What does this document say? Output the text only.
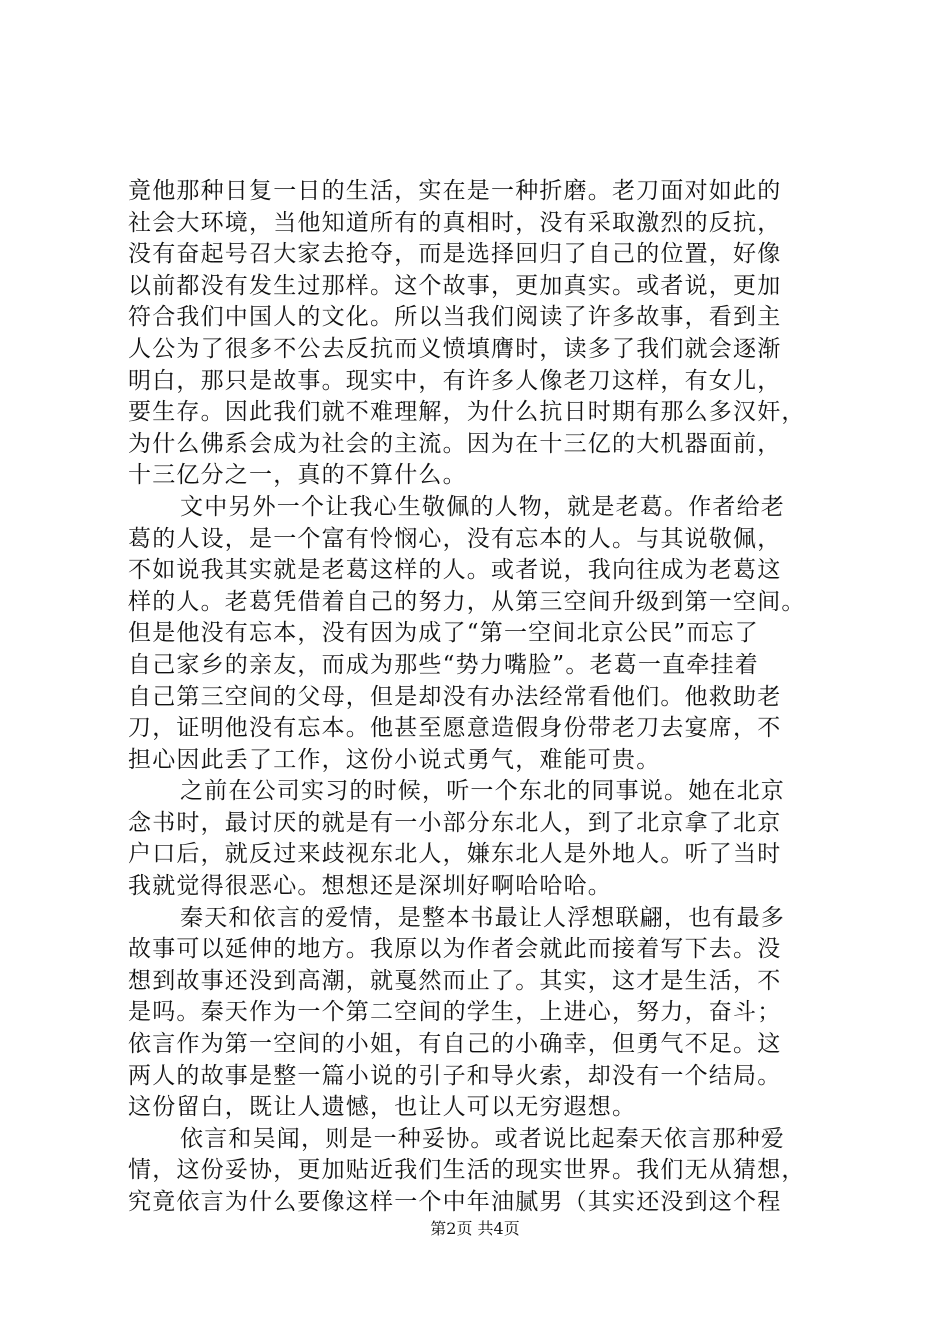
竟他那种日复一日的生活，实在是一种折磨。老刀面对如此的
社会大环境，当他知道所有的真相时，没有采取激烈的反抗，
没有奋起号召大家去抢夺，而是选择回归了自己的位置，好像
以前都没有发生过那样。这个故事，更加真实。或者说，更加
符合我们中国人的文化。所以当我们阅读了许多故事，看到主
人公为了很多不公去反抗而义愤填膺时，读多了我们就会逐渐
明白，那只是故事。现实中，有许多人像老刀这样，有女儿，
要生存。因此我们就不难理解，为什么抗日时期有那么多汉奸，
为什么佛系会成为社会的主流。因为在十三亿的大机器面前，
十三亿分之一，真的不算什么。
文中另外一个让我心生敬佩的人物，就是老葛。作者给老
葛的人设，是一个富有怜悯心，没有忘本的人。与其说敬佩，
不如说我其实就是老葛这样的人。或者说，我向往成为老葛这
样的人。老葛凭借着自己的努力，从第三空间升级到第一空间。
但是他没有忘本，没有因为成了“第一空间北京公民”而忘了
自己家乡的亲友，而成为那些“势力嘴脸”。老葛一直牵挂着
自己第三空间的父母，但是却没有办法经常看他们。他救助老
刀，证明他没有忘本。他甚至愿意造假身份带老刀去宴席，不
担心因此丢了工作，这份小说式勇气，难能可贵。
之前在公司实习的时候，听一个东北的同事说。她在北京
念书时，最讨厌的就是有一小部分东北人，到了北京拿了北京
户口后，就反过来歧视东北人，嫌东北人是外地人。听了当时
我就觉得很恶心。想想还是深圳好啊哈哈哈。
秦天和依言的爱情，是整本书最让人浮想联翩，也有最多
故事可以延伸的地方。我原以为作者会就此而接着写下去。没
想到故事还没到高潮，就戛然而止了。其实，这才是生活，不
是吗。秦天作为一个第二空间的学生，上进心，努力，奋斗；
依言作为第一空间的小姐，有自己的小确幸，但勇气不足。这
两人的故事是整一篇小说的引子和导火索，却没有一个结局。
这份留白，既让人遗憾，也让人可以无穷遐想。
依言和吴闻，则是一种妥协。或者说比起秦天依言那种爱
情，这份妥协，更加贴近我们生活的现实世界。我们无从猜想，
究竟依言为什么要像这样一个中年油腻男（其实还没到这个程
第2页 共4页
